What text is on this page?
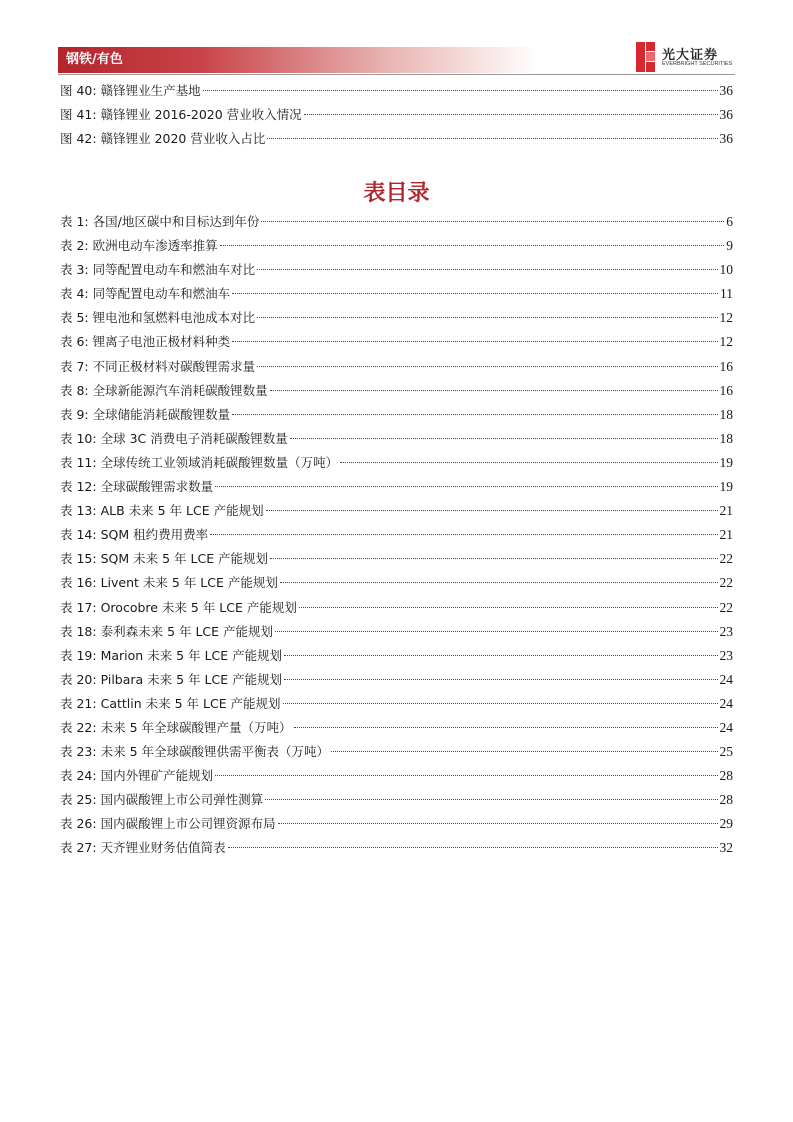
钢铁/有色	光大证券
EVERBRIGHT SECURITIES
图 40: 赣锋锂业生产基地	36
图 41: 赣锋锂业 2016-2020 营业收入情况	36
图 42: 赣锋锂业 2020 营业收入占比	36
表目录
表 1: 各国/地区碳中和目标达到年份	6
表 2: 欧洲电动车渗透率推算	9
表 3: 同等配置电动车和燃油车对比	10
表 4: 同等配置电动车和燃油车	11
表 5: 锂电池和氢燃料电池成本对比	12
表 6: 锂离子电池正极材料种类	12
表 7: 不同正极材料对碳酸锂需求量	16
表 8: 全球新能源汽车消耗碳酸锂数量	16
表 9: 全球储能消耗碳酸锂数量	18
表 10: 全球 3C 消费电子消耗碳酸锂数量	18
表 11: 全球传统工业领域消耗碳酸锂数量（万吨）	19
表 12: 全球碳酸锂需求数量	19
表 13: ALB 未来 5 年 LCE 产能规划	21
表 14: SQM 租约费用费率	21
表 15: SQM 未来 5 年 LCE 产能规划	22
表 16: Livent 未来 5 年 LCE 产能规划	22
表 17: Orocobre 未来 5 年 LCE 产能规划	22
表 18: 泰利森未来 5 年 LCE 产能规划	23
表 19: Marion 未来 5 年 LCE 产能规划	23
表 20: Pilbara 未来 5 年 LCE 产能规划	24
表 21: Cattlin 未来 5 年 LCE 产能规划	24
表 22: 未来 5 年全球碳酸锂产量（万吨）	24
表 23: 未来 5 年全球碳酸锂供需平衡表（万吨）	25
表 24: 国内外锂矿产能规划	28
表 25: 国内碳酸锂上市公司弹性测算	28
表 26: 国内碳酸锂上市公司锂资源布局	29
表 27: 天齐锂业财务估值简表	32
